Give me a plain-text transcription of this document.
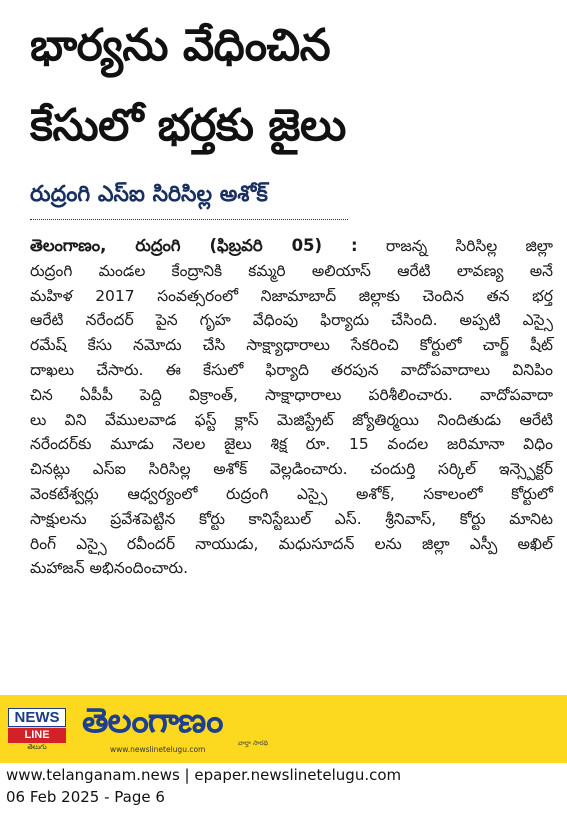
భార్యను వేధించిన
కేసులో భర్తకు జైలు
రుద్రంగి ఎస్ఐ సిరిసిల్ల అశోక్
తెలంగాణం, రుద్రంగి (ఫిబ్రవరి 05) : రాజన్న సిరిసిల్ల జిల్లా
రుద్రంగి మండల కేంద్రానికి కమ్మరి అలియాస్ ఆరేటి లావణ్య అనే
మహిళ 2017 సంవత్సరంలో నిజామాబాద్ జిల్లాకు చెందిన తన భర్త
ఆరేటి నరేందర్ పైన గృహ వేధింపు ఫిర్యాదు చేసింది. అప్పటి ఎస్సై
రమేష్ కేసు నమోదు చేసి సాక్ష్యాధారాలు సేకరించి కోర్టులో చార్జ్ షీట్
దాఖలు చేసారు. ఈ కేసులో ఫిర్యాది తరపున వాదోపవాదాలు వినిపిం
చిన ఏపీపీ పెద్ది విక్రాంత్, సాక్షాధారాలు పరిశీలించారు. వాదోపవాదా
లు విని వేములవాడ ఫస్ట్ క్లాస్ మెజిస్ట్రేట్ జ్యోతిర్మయి నిందితుడు ఆరేటి
నరేందర్‌కు మూడు నెలల జైలు శిక్ష రూ. 15 వందల జరిమానా విధిం
చినట్లు ఎస్ఐ సిరిసిల్ల అశోక్ వెల్లడించారు. చందుర్తి సర్కిల్ ఇన్స్పెక్టర్
వెంకటేశ్వర్లు ఆధ్వర్యంలో రుద్రంగి ఎస్సై అశోక్, సకాలంలో కోర్టులో
సాక్షులను ప్రవేశపెట్టిన కోర్టు కానిస్టేబుల్ ఎస్. శ్రీనివాస్, కోర్టు మానిట
రింగ్ ఎస్సై రవీందర్ నాయుడు, మధుసూదన్ లను జిల్లా ఎస్పీ అఖిల్
మహాజన్ అభినందించారు.
NEWS
LINE
తెలుగు
తెలంగాణం
www.newslinetelugu.com
వార్తా సారథి
www.telanganam.news | epaper.newslinetelugu.com
06 Feb 2025 - Page 6
